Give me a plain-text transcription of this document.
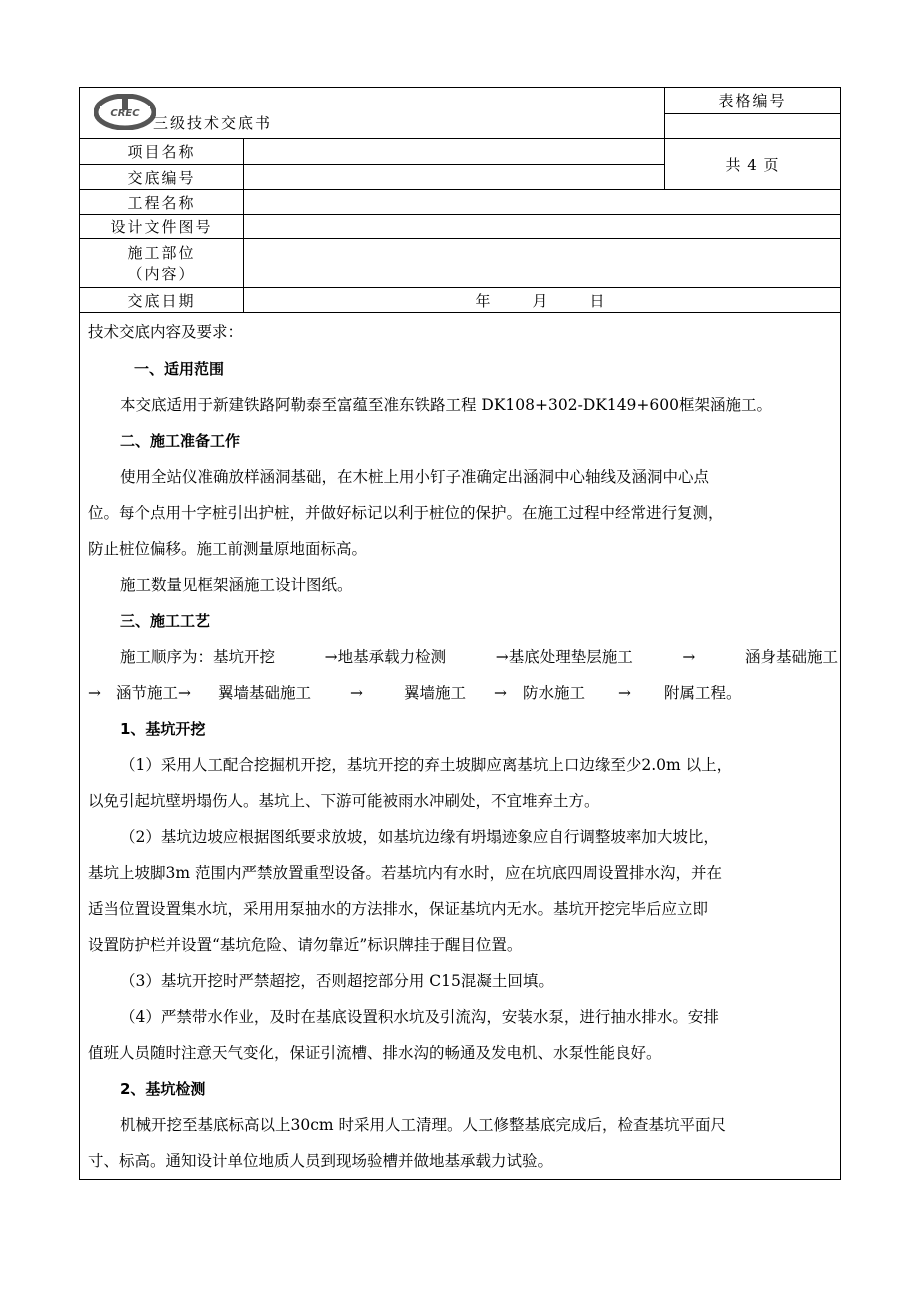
CREC
三级技术交底书
表格编号
共 4 页
项目名称
交底编号
工程名称
设计文件图号
施工部位
（内容）
交底日期	年　　月　　日
技术交底内容及要求：
一、适用范围
本交底适用于新建铁路阿勒泰至富蕴至准东铁路工程 DK108+302-DK149+600框架涵施工。
二、施工准备工作
使用全站仪准确放样涵洞基础，在木桩上用小钉子准确定出涵洞中心轴线及涵洞中心点
位。每个点用十字桩引出护桩，并做好标记以利于桩位的保护。在施工过程中经常进行复测，
防止桩位偏移。施工前测量原地面标高。
施工数量见框架涵施工设计图纸。
三、施工工艺
施工顺序为：基坑开挖	→地基承载力检测	→基底处理垫层施工	→	涵身基础施工
→ 涵节施工→ 翼墙基础施工	→	翼墙施工 → 防水施工 → 附属工程。
1、基坑开挖
（1）采用人工配合挖掘机开挖，基坑开挖的弃土坡脚应离基坑上口边缘至少2.0m 以上，
以免引起坑壁坍塌伤人。基坑上、下游可能被雨水冲刷处，不宜堆弃土方。
（2）基坑边坡应根据图纸要求放坡，如基坑边缘有坍塌迹象应自行调整坡率加大坡比，
基坑上坡脚3m 范围内严禁放置重型设备。若基坑内有水时，应在坑底四周设置排水沟，并在
适当位置设置集水坑，采用用泵抽水的方法排水，保证基坑内无水。基坑开挖完毕后应立即
设置防护栏并设置“基坑危险、请勿靠近”标识牌挂于醒目位置。
（3）基坑开挖时严禁超挖，否则超挖部分用 C15混凝土回填。
（4）严禁带水作业，及时在基底设置积水坑及引流沟，安装水泵，进行抽水排水。安排
值班人员随时注意天气变化，保证引流槽、排水沟的畅通及发电机、水泵性能良好。
2、基坑检测
机械开挖至基底标高以上30cm 时采用人工清理。人工修整基底完成后，检查基坑平面尺
寸、标高。通知设计单位地质人员到现场验槽并做地基承载力试验。
